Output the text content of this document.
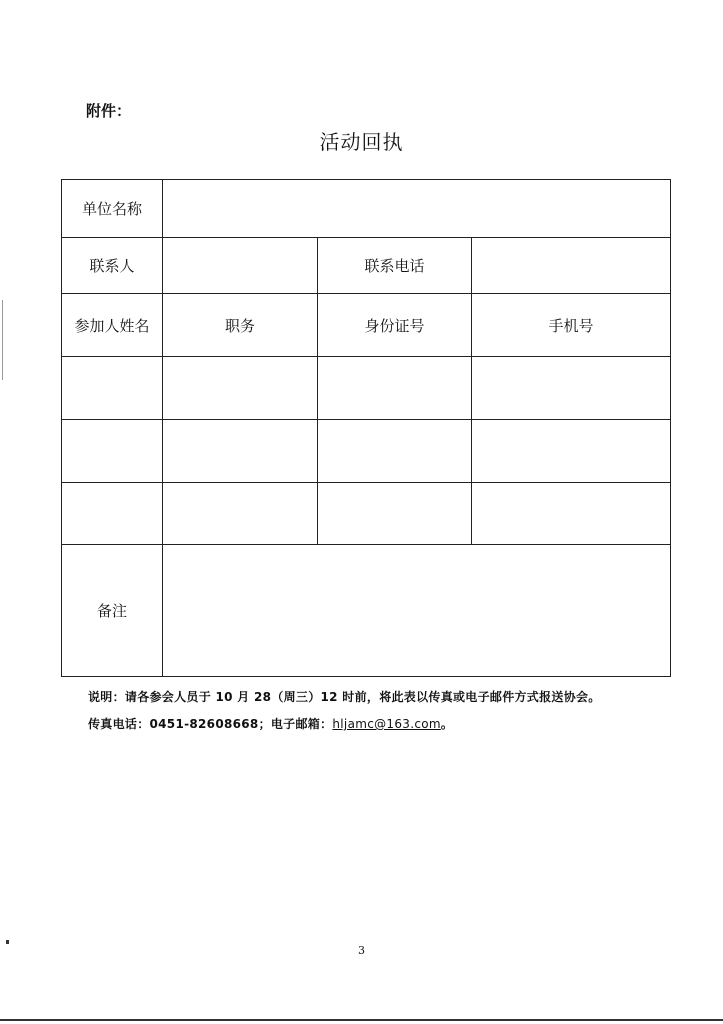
附件：
活动回执
单位名称			
联系人		联系电话	
参加人姓名	职务	身份证号	手机号

备注			
说明：请各参会人员于 10 月 28（周三）12 时前，将此表以传真或电子邮件方式报送协会。
传真电话：0451-82608668；电子邮箱：hljamc@163.com。
3
